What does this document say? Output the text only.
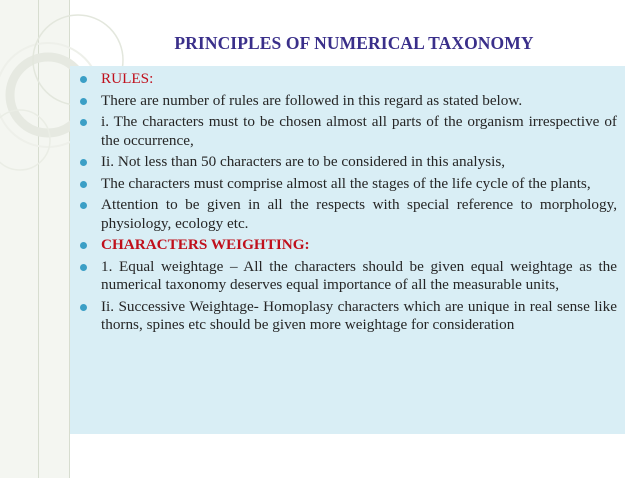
PRINCIPLES OF NUMERICAL TAXONOMY
RULES:
There are number of rules are followed in this regard as stated below.
i. The characters must to be chosen almost all parts of the organism irrespective of the occurrence,
Ii. Not less than 50 characters are to be considered in this analysis,
The characters must comprise almost all the stages of the life cycle of the plants,
Attention to be given in all the respects with special reference to morphology, physiology, ecology etc.
CHARACTERS WEIGHTING:
1. Equal weightage – All the characters should be given equal weightage as the numerical taxonomy deserves equal importance of all the measurable units,
Ii. Successive Weightage- Homoplasy characters which are unique in real sense like thorns, spines etc should be given more weightage for consideration
